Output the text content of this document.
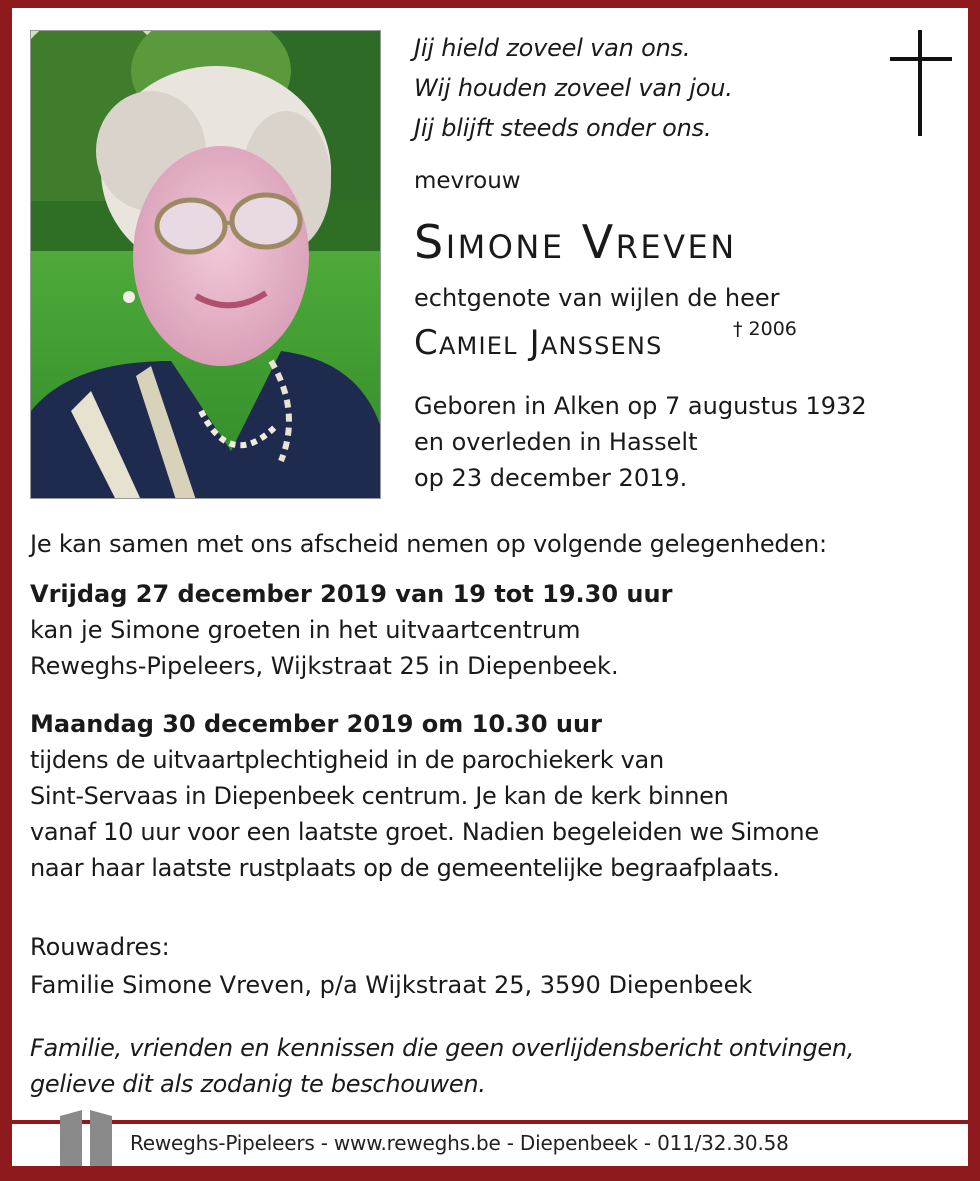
Jij hield zoveel van ons.
Wij houden zoveel van jou.
Jij blijft steeds onder ons.
mevrouw
Simone Vreven
echtgenote van wijlen de heer
Camiel Janssens	† 2006
Geboren in Alken op 7 augustus 1932
en overleden in Hasselt
op 23 december 2019.
Je kan samen met ons afscheid nemen op volgende gelegenheden:
Vrijdag 27 december 2019 van 19 tot 19.30 uur
kan je Simone groeten in het uitvaartcentrum
Reweghs-Pipeleers, Wijkstraat 25 in Diepenbeek.
Maandag 30 december 2019 om 10.30 uur
tijdens de uitvaartplechtigheid in de parochiekerk van
Sint-Servaas in Diepenbeek centrum. Je kan de kerk binnen
vanaf 10 uur voor een laatste groet. Nadien begeleiden we Simone
naar haar laatste rustplaats op de gemeentelijke begraafplaats.
Rouwadres:
Familie Simone Vreven, p/a Wijkstraat 25, 3590 Diepenbeek
Familie, vrienden en kennissen die geen overlijdensbericht ontvingen,
gelieve dit als zodanig te beschouwen.
Reweghs-Pipeleers - www.reweghs.be - Diepenbeek - 011/32.30.58
